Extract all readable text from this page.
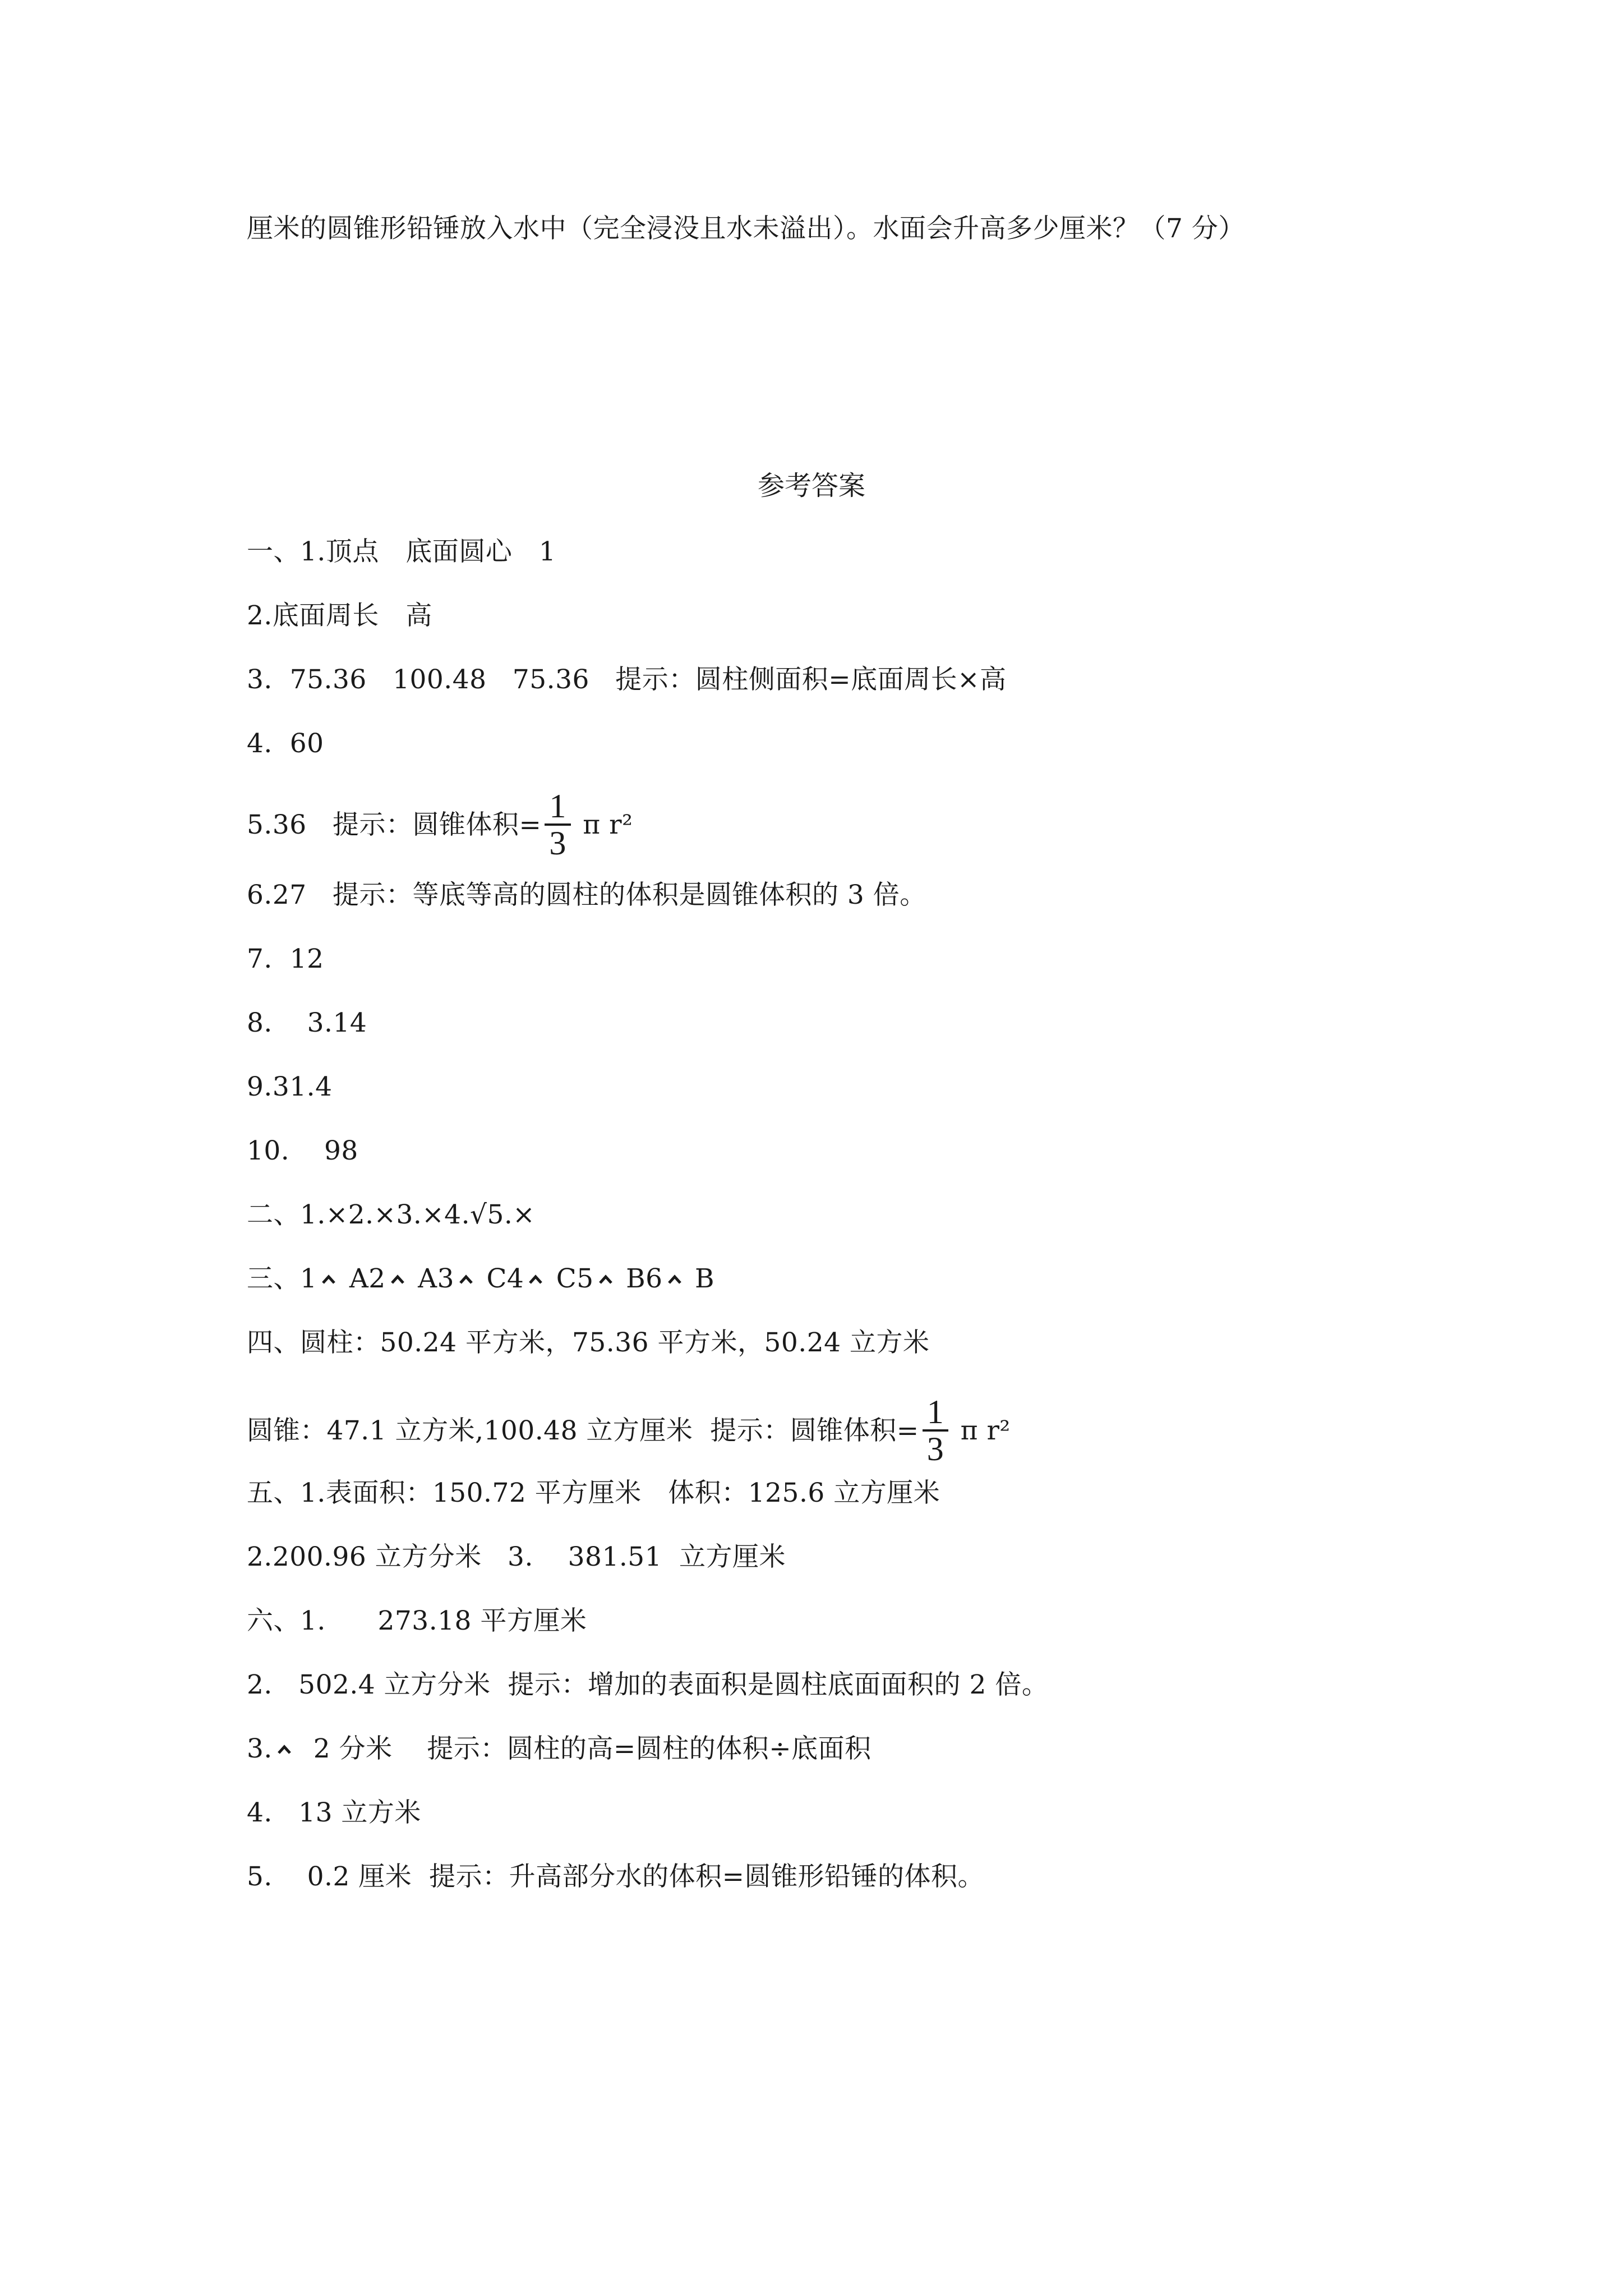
厘米的圆锥形铅锤放入水中（完全浸没且水未溢出）。水面会升高多少厘米？（7 分）
参考答案
一、1.顶点　底面圆心　1
2.底面周长　高
3.  75.36   100.48   75.36   提示：圆柱侧面积=底面周长×高
4.  60
5.36   提示：圆锥体积= $\frac{1}{3}$ π r²
6.27   提示：等底等高的圆柱的体积是圆锥体积的 3 倍。
7.  12
8.    3.14
9.31.4
10.    98
二、1.×2.×3.×4.√5.×
三、1 A2 A3 C4 C5 B6 B
四、圆柱：50.24 平方米，75.36 平方米，50.24 立方米
圆锥：47.1 立方米,100.48 立方厘米  提示：圆锥体积= $\frac{1}{3}$ π r²
五、1.表面积：150.72 平方厘米　体积：125.6 立方厘米
2.200.96 立方分米   3.    381.51  立方厘米
六、1.      273.18 平方厘米
2.   502.4 立方分米  提示：增加的表面积是圆柱底面面积的 2 倍。
3.  2 分米    提示：圆柱的高=圆柱的体积÷底面积
4.   13 立方米
5.    0.2 厘米  提示：升高部分水的体积=圆锥形铅锤的体积。
